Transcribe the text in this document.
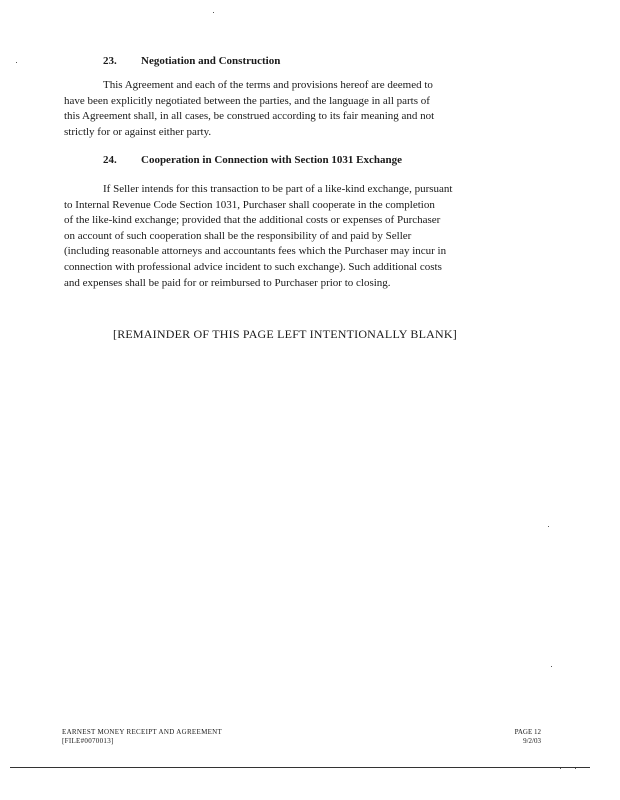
23. Negotiation and Construction
This Agreement and each of the terms and provisions hereof are deemed to
have been explicitly negotiated between the parties, and the language in all parts of
this Agreement shall, in all cases, be construed according to its fair meaning and not
strictly for or against either party.
24. Cooperation in Connection with Section 1031 Exchange
If Seller intends for this transaction to be part of a like-kind exchange, pursuant
to Internal Revenue Code Section 1031, Purchaser shall cooperate in the completion
of the like-kind exchange; provided that the additional costs or expenses of Purchaser
on account of such cooperation shall be the responsibility of and paid by Seller
(including reasonable attorneys and accountants fees which the Purchaser may incur in
connection with professional advice incident to such exchange). Such additional costs
and expenses shall be paid for or reimbursed to Purchaser prior to closing.
[REMAINDER OF THIS PAGE LEFT INTENTIONALLY BLANK]
EARNEST MONEY RECEIPT AND AGREEMENT
[FILE#0070013]
PAGE 12
9/2/03
